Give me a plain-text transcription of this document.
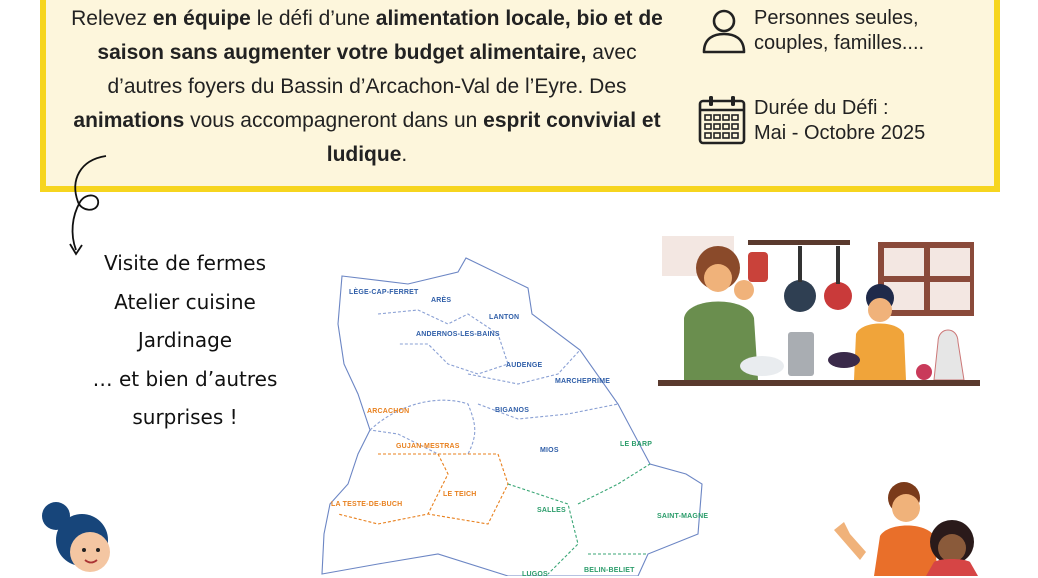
Relevez en équipe le défi d’une alimentation locale, bio et de saison sans augmenter votre budget alimentaire, avec d’autres foyers du Bassin d’Arcachon-Val de l’Eyre. Des animations vous accompagneront dans un esprit convivial et ludique.
Personnes seules,
couples, familles....
Durée du Défi :
Mai - Octobre 2025
Visite de fermes
Atelier cuisine
Jardinage
… et bien d’autres
surprises !
LÈGE-CAP-FERRET
ARÈS
LANTON
ANDERNOS-LES-BAINS
AUDENGE
MARCHEPRIME
BIGANOS
ARCACHON
GUJAN-MESTRAS
MIOS
LE BARP
LE TEICH
LA TESTE-DE-BUCH
SALLES
SAINT-MAGNE
BELIN-BELIET
LUGOS
